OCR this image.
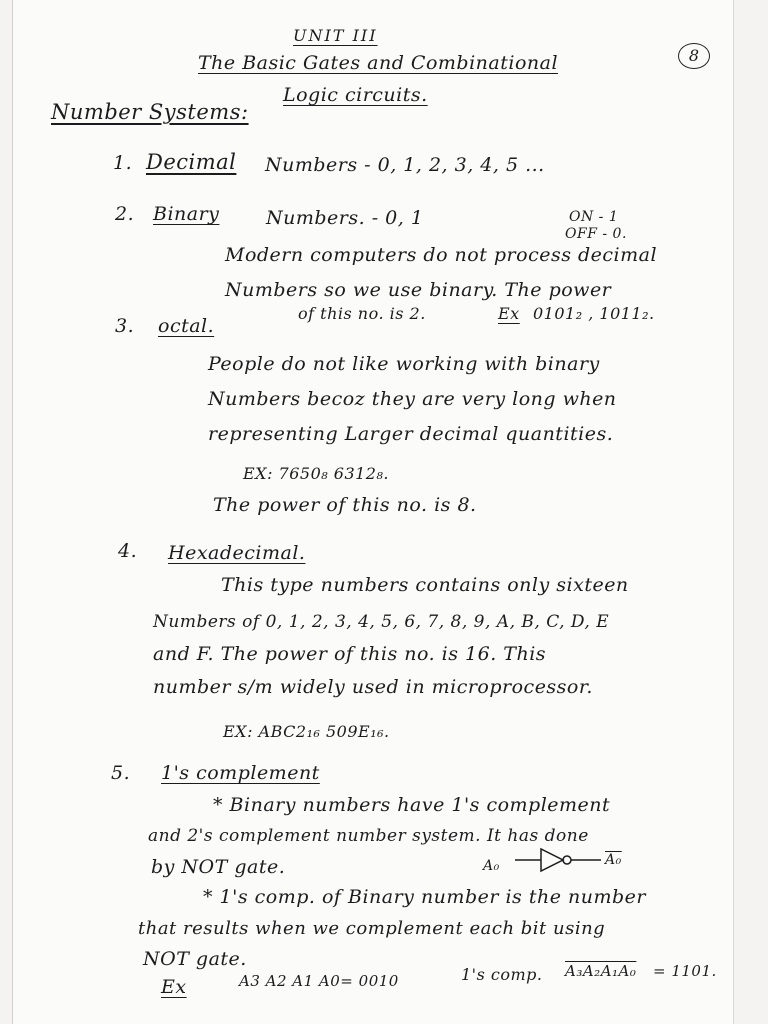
UNIT III
8
The Basic Gates and Combinational
Logic circuits.
Number Systems:
1. Decimal Numbers - 0, 1, 2, 3, 4, 5 ...
2. Binary Numbers. - 0, 1	ON - 1
OFF - 0.
Modern computers do not process decimal
Numbers so we use binary. The power
of this no. is 2.	Ex 0101₂ , 1011₂.
3. octal.
People do not like working with binary
Numbers becoz they are very long when
representing Larger decimal quantities.
EX: 7650₈ 6312₈.
The power of this no. is 8.
4. Hexadecimal.
This type numbers contains only sixteen
Numbers of 0, 1, 2, 3, 4, 5, 6, 7, 8, 9, A, B, C, D, E
and F. The power of this no. is 16. This
number s/m widely used in microprocessor.
EX: ABC2₁₆ 509E₁₆.
5. 1's complement
* Binary numbers have 1's complement
and 2's complement number system. It has done
by NOT gate.	A₀	A₀
* 1's comp. of Binary number is the number
that results when we complement each bit using
NOT gate.
Ex	A3 A2 A1 A0= 0010	1's comp. A₃A₂A₁A₀ = 1101.
